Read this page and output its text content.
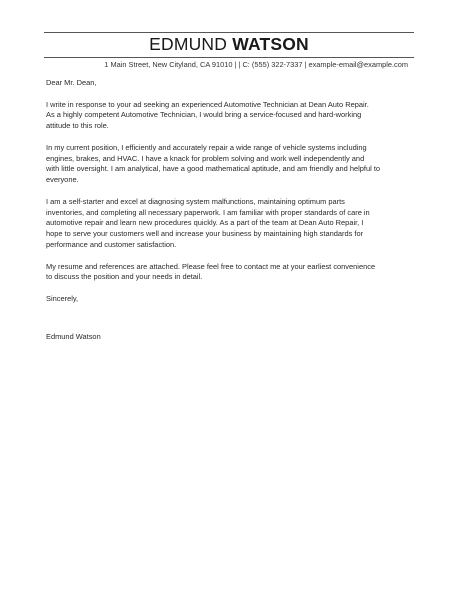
EDMUND WATSON
1 Main Street, New Cityland, CA 91010 | | C: (555) 322-7337 | example-email@example.com

Dear Mr. Dean,

I write in response to your ad seeking an experienced Automotive Technician at Dean Auto Repair.
As a highly competent Automotive Technician, I would bring a service-focused and hard-working
attitude to this role.

In my current position, I efficiently and accurately repair a wide range of vehicle systems including
engines, brakes, and HVAC. I have a knack for problem solving and work well independently and
with little oversight. I am analytical, have a good mathematical aptitude, and am friendly and helpful to
everyone.

I am a self-starter and excel at diagnosing system malfunctions, maintaining optimum parts
inventories, and completing all necessary paperwork. I am familiar with proper standards of care in
automotive repair and learn new procedures quickly. As a part of the team at Dean Auto Repair, I
hope to serve your customers well and increase your business by maintaining high standards for
performance and customer satisfaction.

My resume and references are attached. Please feel free to contact me at your earliest convenience
to discuss the position and your needs in detail.

Sincerely,

Edmund Watson
